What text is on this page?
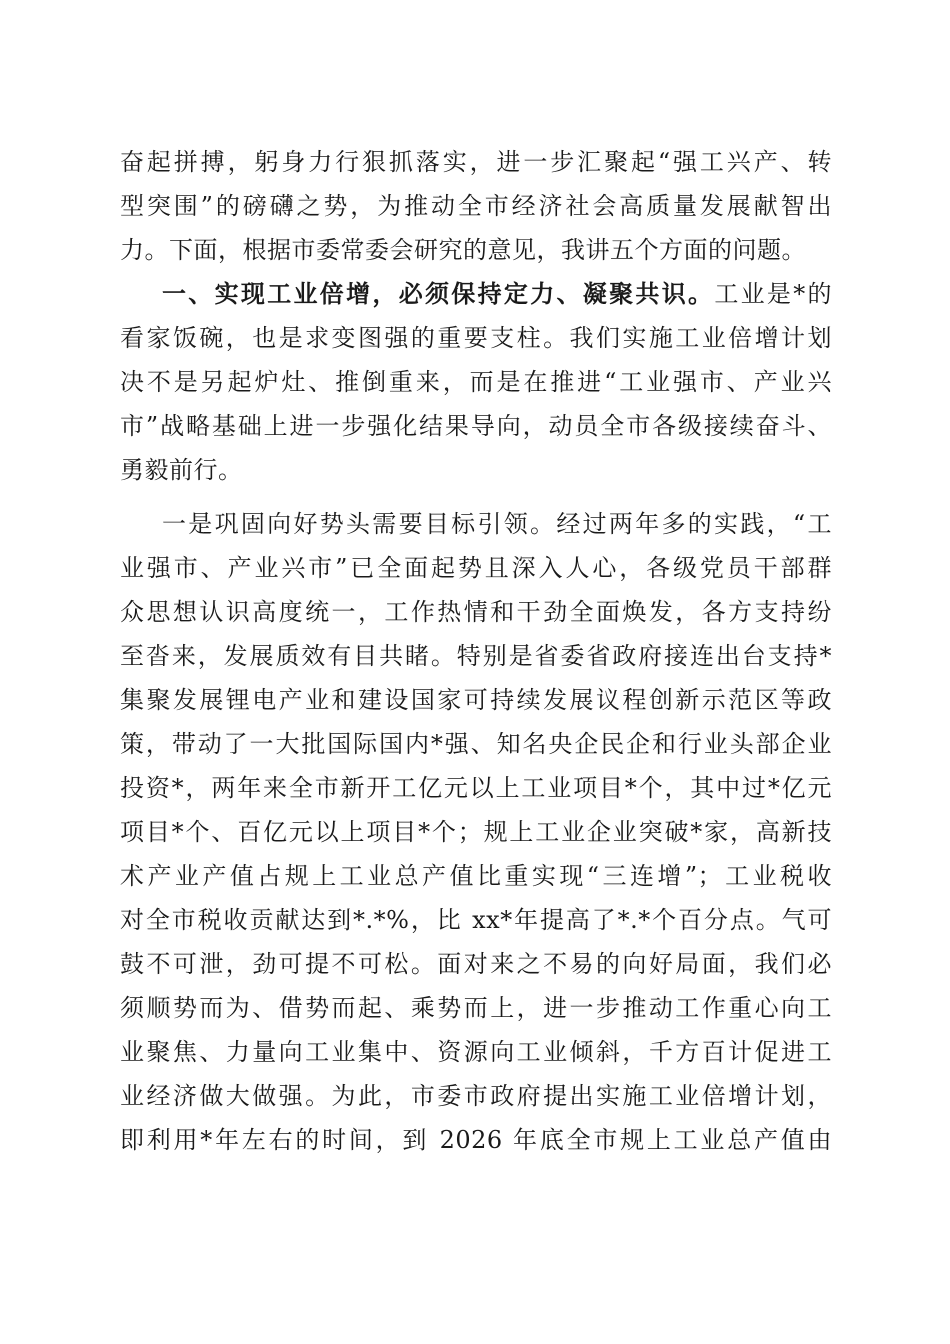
奋起拼搏，躬身力行狠抓落实，进一步汇聚起“强工兴产、转
型突围”的磅礴之势，为推动全市经济社会高质量发展献智出
力。下面，根据市委常委会研究的意见，我讲五个方面的问题。
一、实现工业倍增，必须保持定力、凝聚共识。工业是*的
看家饭碗，也是求变图强的重要支柱。我们实施工业倍增计划
决不是另起炉灶、推倒重来，而是在推进“工业强市、产业兴
市”战略基础上进一步强化结果导向，动员全市各级接续奋斗、
勇毅前行。
一是巩固向好势头需要目标引领。经过两年多的实践，“工
业强市、产业兴市”已全面起势且深入人心，各级党员干部群
众思想认识高度统一，工作热情和干劲全面焕发，各方支持纷
至沓来，发展质效有目共睹。特别是省委省政府接连出台支持*
集聚发展锂电产业和建设国家可持续发展议程创新示范区等政
策，带动了一大批国际国内*强、知名央企民企和行业头部企业
投资*，两年来全市新开工亿元以上工业项目*个，其中过*亿元
项目*个、百亿元以上项目*个；规上工业企业突破*家，高新技
术产业产值占规上工业总产值比重实现“三连增”；工业税收
对全市税收贡献达到*.*%，比 xx*年提高了*.*个百分点。气可
鼓不可泄，劲可提不可松。面对来之不易的向好局面，我们必
须顺势而为、借势而起、乘势而上，进一步推动工作重心向工
业聚焦、力量向工业集中、资源向工业倾斜，千方百计促进工
业经济做大做强。为此，市委市政府提出实施工业倍增计划，
即利用*年左右的时间，到 2026 年底全市规上工业总产值由
